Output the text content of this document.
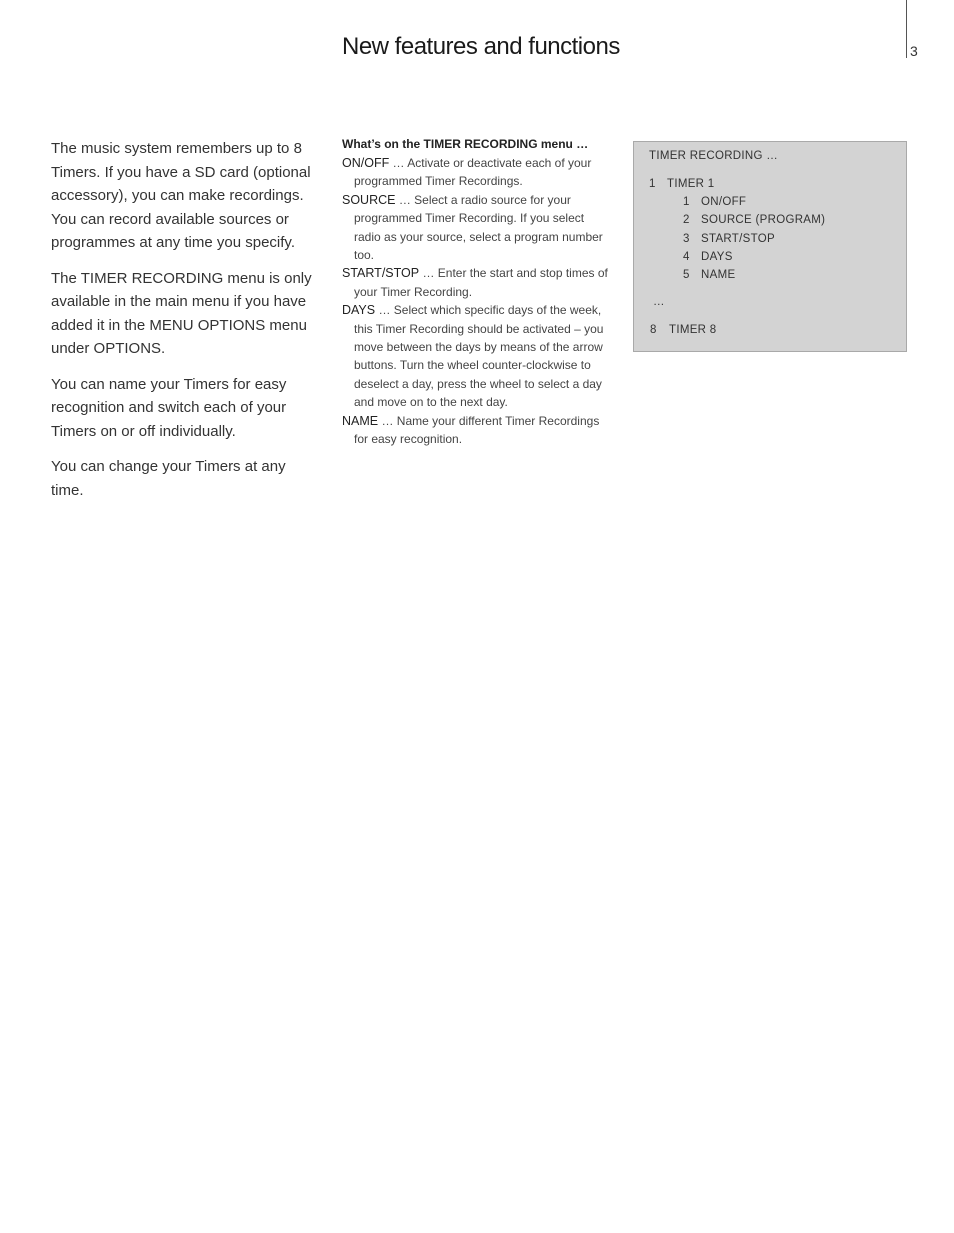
New features and functions	3

The music system remembers up to 8 Timers. If you have a SD card (optional accessory), you can make recordings. You can record available sources or programmes at any time you specify.

The TIMER RECORDING menu is only available in the main menu if you have added it in the MENU OPTIONS menu under OPTIONS.

You can name your Timers for easy recognition and switch each of your Timers on or off individually.

You can change your Timers at any time.

What’s on the TIMER RECORDING menu …
ON/OFF … Activate or deactivate each of your programmed Timer Recordings.
SOURCE … Select a radio source for your programmed Timer Recording. If you select radio as your source, select a program number too.
START/STOP … Enter the start and stop times of your Timer Recording.
DAYS … Select which specific days of the week, this Timer Recording should be activated – you move between the days by means of the arrow buttons. Turn the wheel counter-clockwise to deselect a day, press the wheel to select a day and move on to the next day.
NAME … Name your different Timer Recordings for easy recognition.
TIMER RECORDING …
1 TIMER 1
1 ON/OFF
2 SOURCE (PROGRAM)
3 START/STOP
4 DAYS
5 NAME
…
8 TIMER 8
